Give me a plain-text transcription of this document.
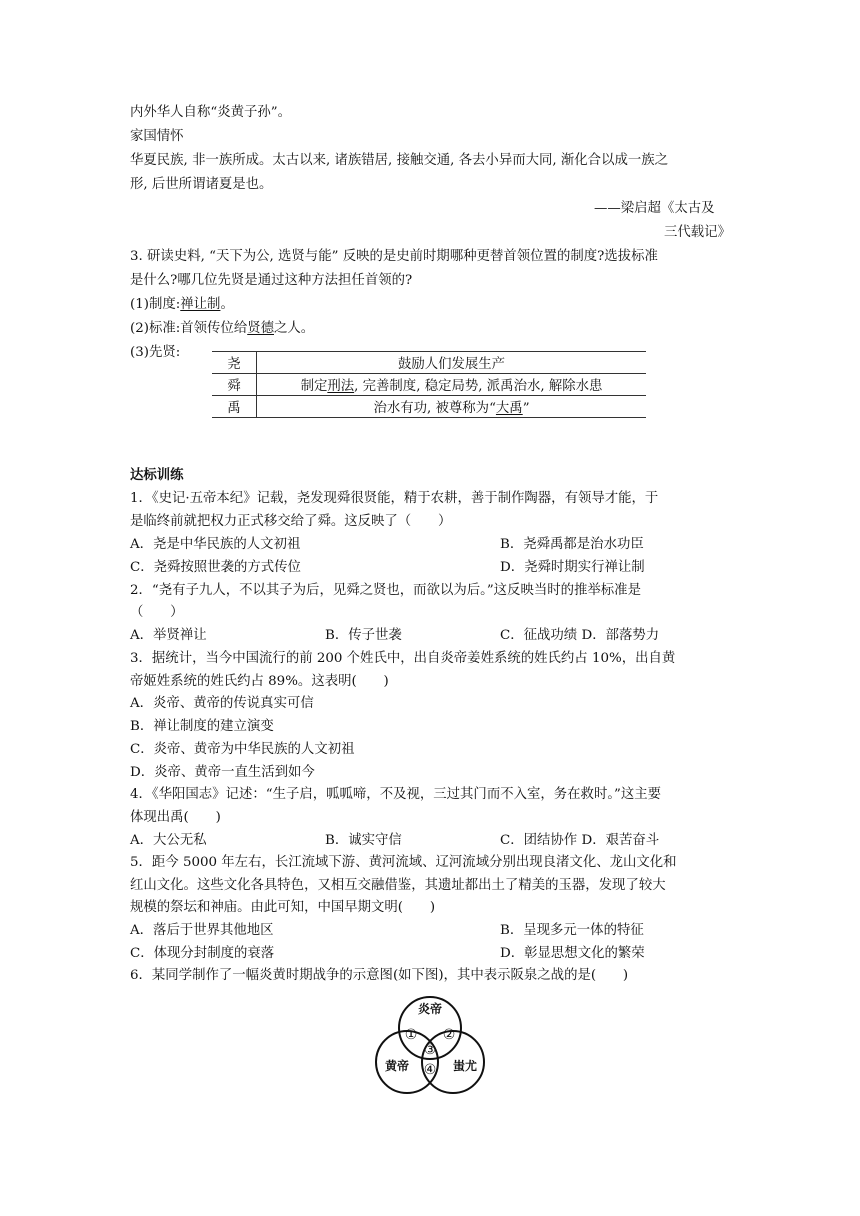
内外华人自称“炎黄子孙”。
家国情怀
华夏民族, 非一族所成。太古以来, 诸族错居, 接触交通, 各去小异而大同, 渐化合以成一族之
形, 后世所谓诸夏是也。
——梁启超《太古及
三代载记》
3. 研读史料, “天下为公, 选贤与能” 反映的是史前时期哪种更替首领位置的制度?选拔标准
是什么?哪几位先贤是通过这种方法担任首领的?
(1)制度:禅让制。
(2)标准:首领传位给贤德之人。
(3)先贤:
尧	鼓励人们发展生产
舜	制定刑法, 完善制度, 稳定局势, 派禹治水, 解除水患
禹	治水有功, 被尊称为“大禹”
达标训练
1．《史记·五帝本纪》记载，尧发现舜很贤能，精于农耕，善于制作陶器，有领导才能，于
是临终前就把权力正式移交给了舜。这反映了（　　）
A．尧是中华民族的人文初祖	B．尧舜禹都是治水功臣
C．尧舜按照世袭的方式传位	D．尧舜时期实行禅让制
2．“尧有子九人，不以其子为后，见舜之贤也，而欲以为后。”这反映当时的推举标准是
（　　）
A．举贤禅让	B．传子世袭	C．征战功绩 D．部落势力
3．据统计，当今中国流行的前 200 个姓氏中，出自炎帝姜姓系统的姓氏约占 10%，出自黄
帝姬姓系统的姓氏约占 89%。这表明(　　)
A．炎帝、黄帝的传说真实可信
B．禅让制度的建立演变
C．炎帝、黄帝为中华民族的人文初祖
D．炎帝、黄帝一直生活到如今
4．《华阳国志》记述：“生子启，呱呱啼，不及视，三过其门而不入室，务在救时。”这主要
体现出禹(　　)
A．大公无私	B．诚实守信	C．团结协作 D．艰苦奋斗
5．距今 5000 年左右，长江流域下游、黄河流域、辽河流域分别出现良渚文化、龙山文化和
红山文化。这些文化各具特色，又相互交融借鉴，其遗址都出土了精美的玉器，发现了较大
规模的祭坛和神庙。由此可知，中国早期文明(　　)
A．落后于世界其他地区	B．呈现多元一体的特征
C．体现分封制度的衰落	D．彰显思想文化的繁荣
6．某同学制作了一幅炎黄时期战争的示意图(如下图)，其中表示阪泉之战的是(　　)
炎帝
黄帝	蚩尤
① ②
③
④
